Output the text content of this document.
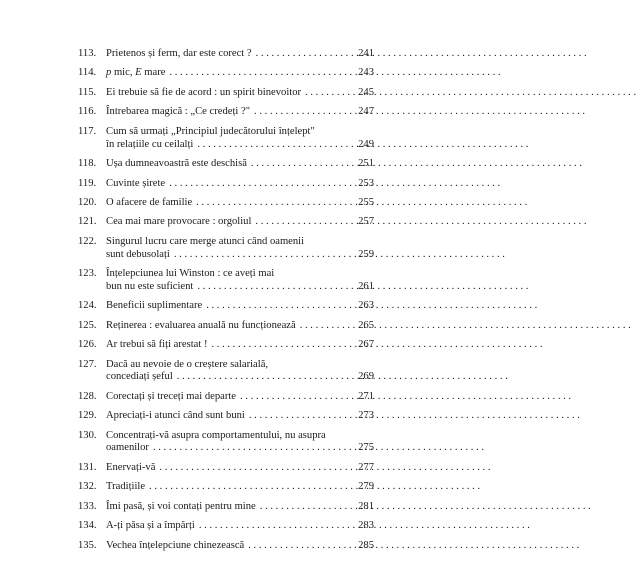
113. Prietenos și ferm, dar este corect ? . . .	241
114. p mic, E mare . . .	243
115. Ei trebuie să fie de acord : un spirit binevoitor . . .	245
116. Întrebarea magică : „Ce credeți ?" . . .	247
117. Cum să urmați „Principiul judecătorului înțelept"
în relațiile cu ceilalți . . .	249
118. Ușa dumneavoastră este deschisă . . .	251
119. Cuvinte șirete . . .	253
120. O afacere de familie . . .	255
121. Cea mai mare provocare : orgoliul . . .	257
122. Singurul lucru care merge atunci când oamenii
sunt debusolați . . .	259
123. Înțelepciunea lui Winston : ce aveți mai
bun nu este suficient . . .	261
124. Beneficii suplimentare . . .	263
125. Reținerea : evaluarea anuală nu funcționează . . .	265
126. Ar trebui să fiți arestat ! . . .	267
127. Dacă au nevoie de o creștere salarială,
concediați șeful . . .	269
128. Corectați și treceți mai departe . . .	271
129. Apreciați-i atunci când sunt buni . . .	273
130. Concentrați-vă asupra comportamentului, nu asupra
oamenilor . . .	275
131. Enervați-vă . . .	277
132. Tradițiile . . .	279
133. Îmi pasă, și voi contați pentru mine . . .	281
134. A-ți păsa și a împărți . . .	283
135. Vechea înțelepciune chinezească . . .	285
